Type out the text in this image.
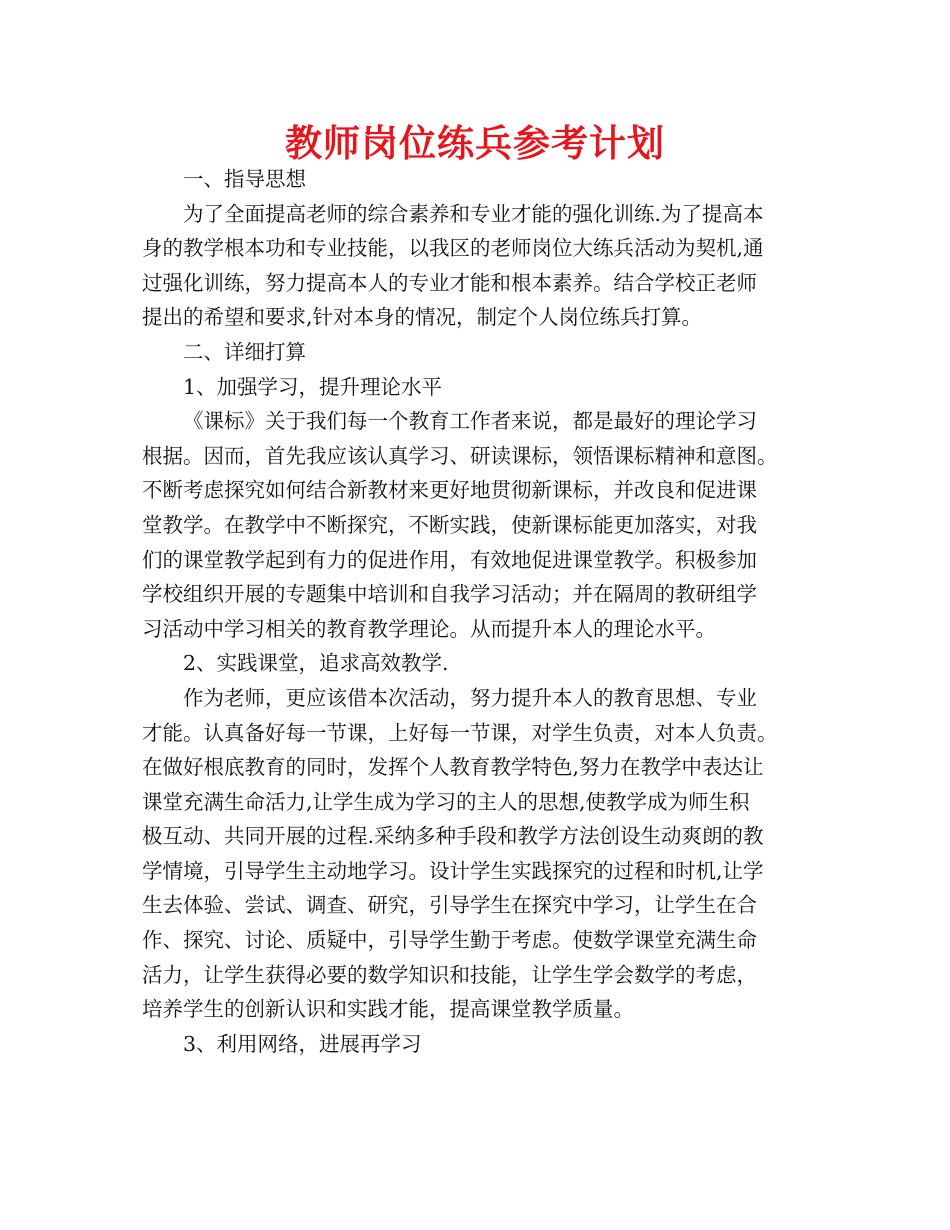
教师岗位练兵参考计划
一、指导思想
为了全面提高老师的综合素养和专业才能的强化训练.为了提高本
身的教学根本功和专业技能，以我区的老师岗位大练兵活动为契机,通
过强化训练，努力提高本人的专业才能和根本素养。结合学校正老师
提出的希望和要求,针对本身的情况，制定个人岗位练兵打算。
二、详细打算
1、加强学习，提升理论水平
《课标》关于我们每一个教育工作者来说，都是最好的理论学习
根据。因而，首先我应该认真学习、研读课标，领悟课标精神和意图。
不断考虑探究如何结合新教材来更好地贯彻新课标，并改良和促进课
堂教学。在教学中不断探究，不断实践，使新课标能更加落实，对我
们的课堂教学起到有力的促进作用，有效地促进课堂教学。积极参加
学校组织开展的专题集中培训和自我学习活动；并在隔周的教研组学
习活动中学习相关的教育教学理论。从而提升本人的理论水平。
2、实践课堂，追求高效教学.
作为老师，更应该借本次活动，努力提升本人的教育思想、专业
才能。认真备好每一节课，上好每一节课，对学生负责，对本人负责。
在做好根底教育的同时，发挥个人教育教学特色,努力在教学中表达让
课堂充满生命活力,让学生成为学习的主人的思想,使教学成为师生积
极互动、共同开展的过程.采纳多种手段和教学方法创设生动爽朗的教
学情境，引导学生主动地学习。设计学生实践探究的过程和时机,让学
生去体验、尝试、调查、研究，引导学生在探究中学习，让学生在合
作、探究、讨论、质疑中，引导学生勤于考虑。使数学课堂充满生命
活力，让学生获得必要的数学知识和技能，让学生学会数学的考虑，
培养学生的创新认识和实践才能，提高课堂教学质量。
3、利用网络，进展再学习
